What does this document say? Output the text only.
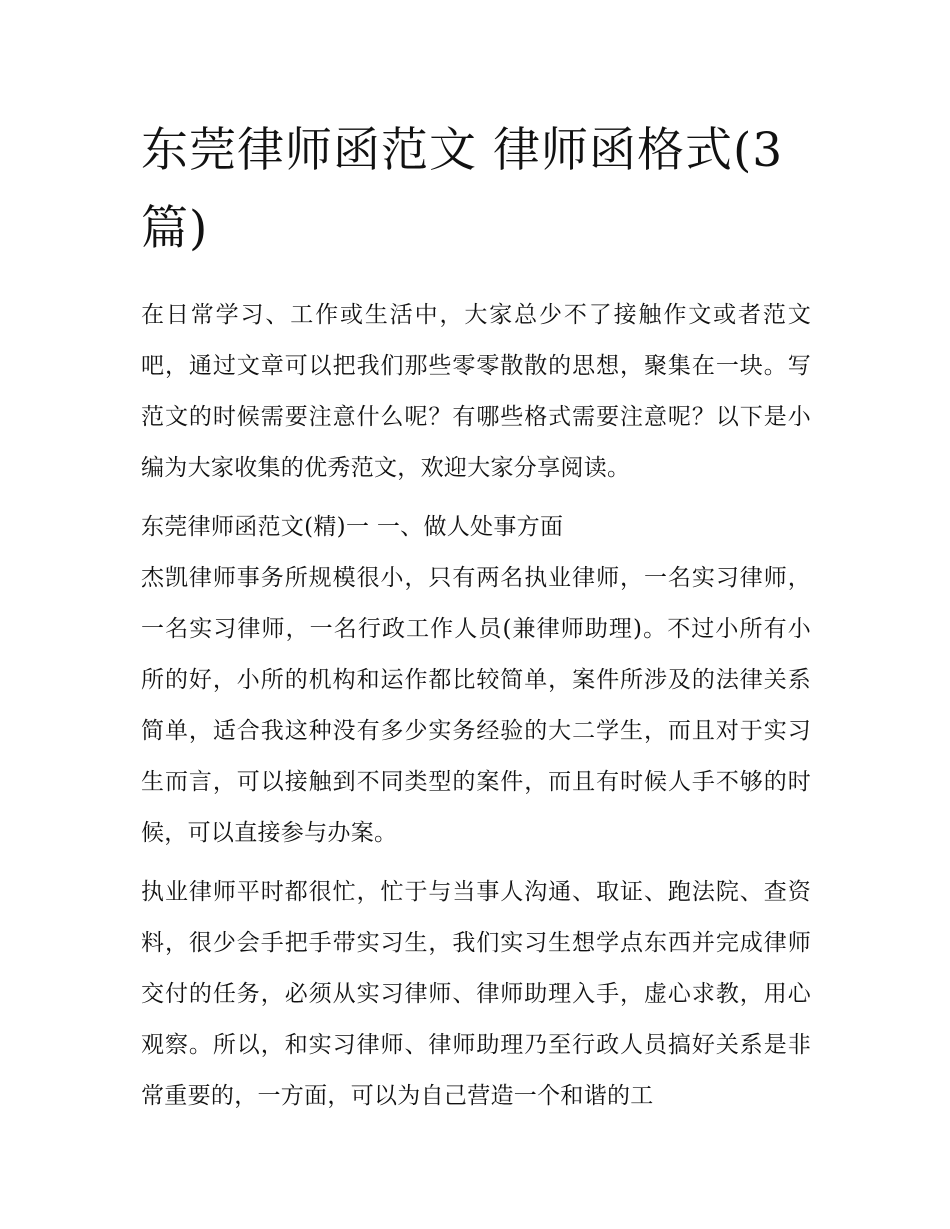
东莞律师函范文 律师函格式(3篇)

在日常学习、工作或生活中，大家总少不了接触作文或者范文吧，通过文章可以把我们那些零零散散的思想，聚集在一块。写范文的时候需要注意什么呢？有哪些格式需要注意呢？以下是小编为大家收集的优秀范文，欢迎大家分享阅读。

东莞律师函范文(精)一 一、做人处事方面

杰凯律师事务所规模很小，只有两名执业律师，一名实习律师，一名实习律师，一名行政工作人员(兼律师助理)。不过小所有小所的好，小所的机构和运作都比较简单，案件所涉及的法律关系简单，适合我这种没有多少实务经验的大二学生，而且对于实习生而言，可以接触到不同类型的案件，而且有时候人手不够的时候，可以直接参与办案。

执业律师平时都很忙，忙于与当事人沟通、取证、跑法院、查资料，很少会手把手带实习生，我们实习生想学点东西并完成律师交付的任务，必须从实习律师、律师助理入手，虚心求教，用心观察。所以，和实习律师、律师助理乃至行政人员搞好关系是非常重要的，一方面，可以为自己营造一个和谐的工
